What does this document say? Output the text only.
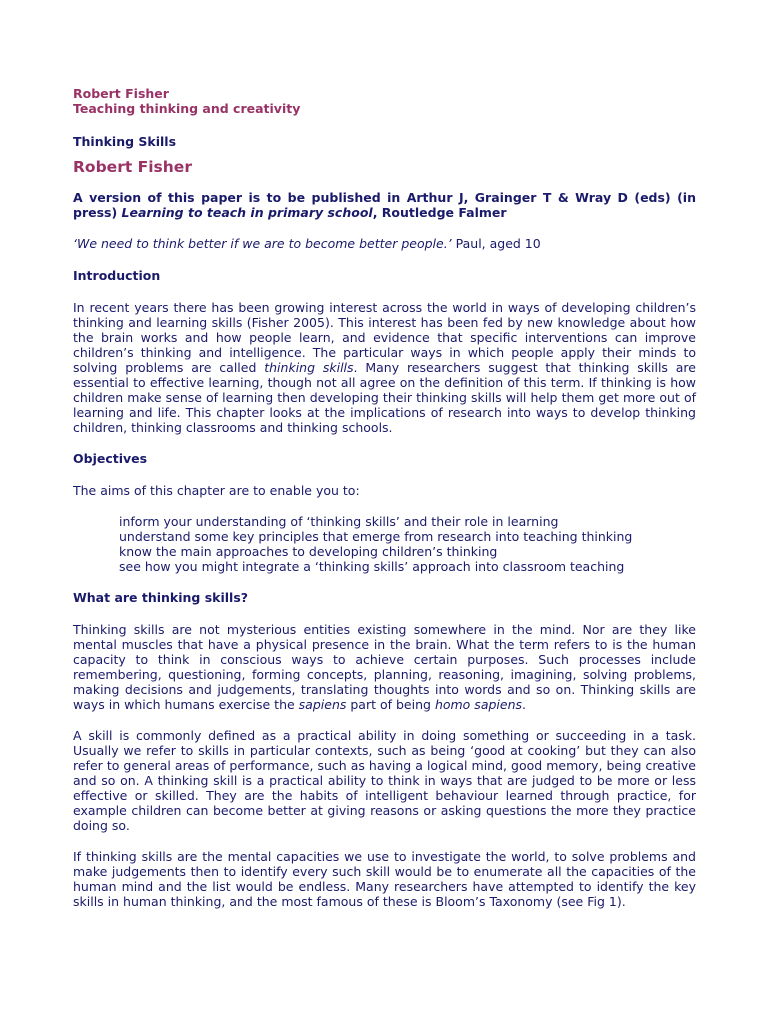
Robert Fisher
Teaching thinking and creativity
Thinking Skills
Robert Fisher

A version of this paper is to be published in Arthur J, Grainger T & Wray D (eds) (in press) Learning to teach in primary school, Routledge Falmer

‘We need to think better if we are to become better people.’ Paul, aged 10

Introduction

In recent years there has been growing interest across the world in ways of developing children’s thinking and learning skills (Fisher 2005). This interest has been fed by new knowledge about how the brain works and how people learn, and evidence that specific interventions can improve children’s thinking and intelligence. The particular ways in which people apply their minds to solving problems are called thinking skills. Many researchers suggest that thinking skills are essential to effective learning, though not all agree on the definition of this term. If thinking is how children make sense of learning then developing their thinking skills will help them get more out of learning and life. This chapter looks at the implications of research into ways to develop thinking children, thinking classrooms and thinking schools.

Objectives

The aims of this chapter are to enable you to:

inform your understanding of ‘thinking skills’ and their role in learning
understand some key principles that emerge from research into teaching thinking
know the main approaches to developing children’s thinking
see how you might integrate a ‘thinking skills’ approach into classroom teaching
What are thinking skills?

Thinking skills are not mysterious entities existing somewhere in the mind. Nor are they like mental muscles that have a physical presence in the brain. What the term refers to is the human capacity to think in conscious ways to achieve certain purposes. Such processes include remembering, questioning, forming concepts, planning, reasoning, imagining, solving problems, making decisions and judgements, translating thoughts into words and so on. Thinking skills are ways in which humans exercise the sapiens part of being homo sapiens.

A skill is commonly defined as a practical ability in doing something or succeeding in a task. Usually we refer to skills in particular contexts, such as being ‘good at cooking’ but they can also refer to general areas of performance, such as having a logical mind, good memory, being creative and so on. A thinking skill is a practical ability to think in ways that are judged to be more or less effective or skilled. They are the habits of intelligent behaviour learned through practice, for example children can become better at giving reasons or asking questions the more they practice doing so.

If thinking skills are the mental capacities we use to investigate the world, to solve problems and make judgements then to identify every such skill would be to enumerate all the capacities of the human mind and the list would be endless. Many researchers have attempted to identify the key skills in human thinking, and the most famous of these is Bloom’s Taxonomy (see Fig 1).
